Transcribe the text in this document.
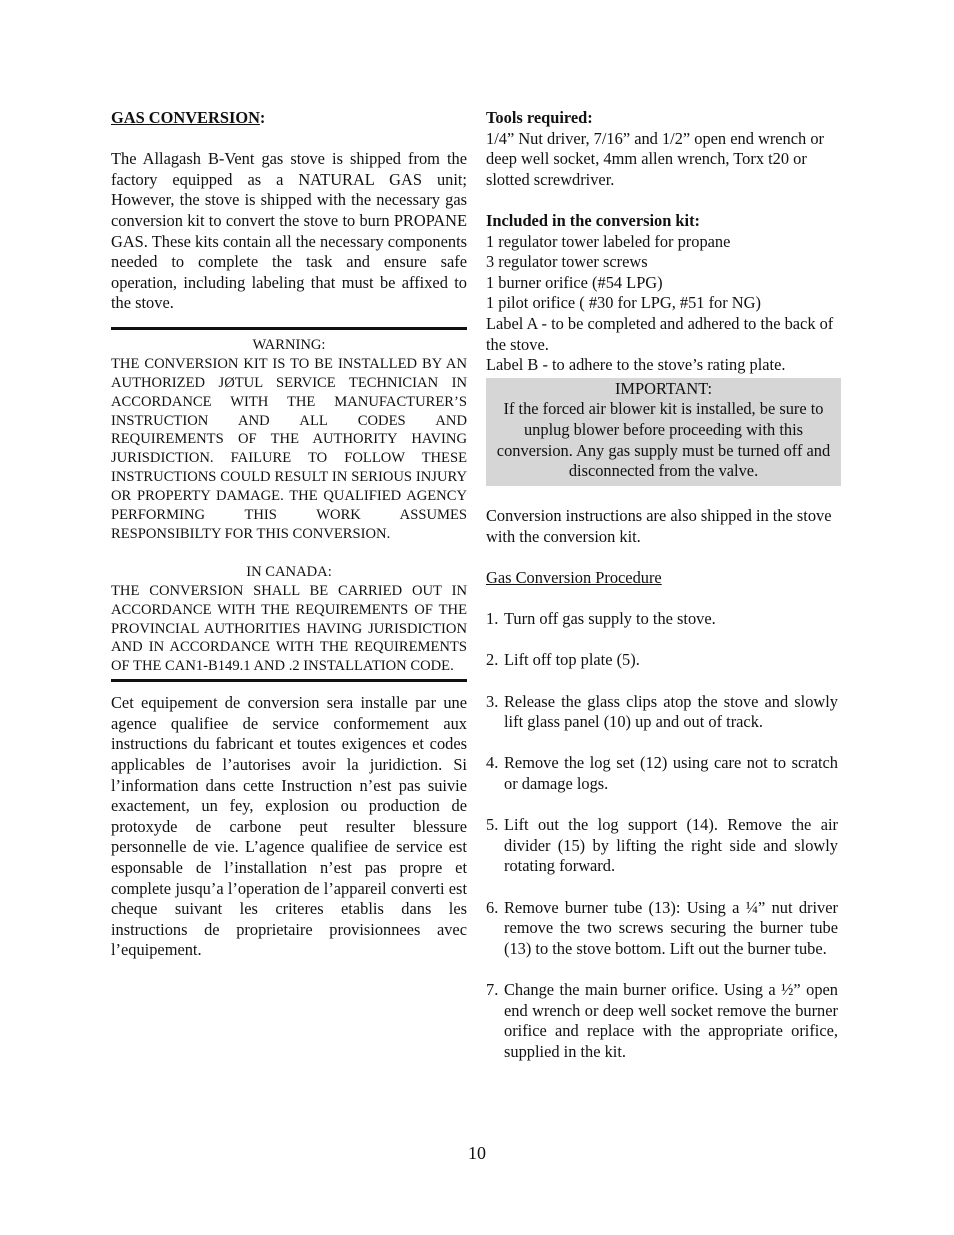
GAS CONVERSION:

The Allagash B-Vent gas stove is shipped from the factory equipped as a NATURAL GAS unit; However, the stove is shipped with the necessary gas conversion kit to convert the stove to burn PROPANE GAS. These kits contain all the necessary components needed to complete the task and ensure safe operation, including labeling that must be affixed to the stove.

WARNING:

THE CONVERSION KIT IS TO BE INSTALLED BY AN AUTHORIZED JØTUL SERVICE TECHNICIAN IN ACCORDANCE WITH THE MANUFACTURER’S INSTRUCTION AND ALL CODES AND REQUIREMENTS OF THE AUTHORITY HAVING JURISDICTION. FAILURE TO FOLLOW THESE INSTRUCTIONS COULD RESULT IN SERIOUS INJURY OR PROPERTY DAMAGE. THE QUALIFIED AGENCY PERFORMING THIS WORK ASSUMES RESPONSIBILTY FOR THIS CONVERSION.

IN CANADA:

THE CONVERSION SHALL BE CARRIED OUT IN ACCORDANCE WITH THE REQUIREMENTS OF THE PROVINCIAL AUTHORITIES HAVING JURISDICTION AND IN ACCORDANCE WITH THE REQUIREMENTS OF THE CAN1-B149.1 AND .2 INSTALLATION CODE.

Cet equipement de conversion sera installe par une agence qualifiee de service conformement aux instructions du fabricant et toutes exigences et codes applicables de l’autorises avoir la juridiction. Si l’information dans cette Instruction n’est pas suivie exactement, un fey, explosion ou production de protoxyde de carbone peut resulter blessure personnelle de vie. L’agence qualifiee de service est esponsable de l’installation n’est pas propre et complete jusqu’a l’operation de l’appareil converti est cheque suivant les criteres etablis dans les instructions de proprietaire provisionnees avec l’equipement.

Tools required:

1/4” Nut driver, 7/16” and 1/2” open end wrench or deep well socket, 4mm allen wrench, Torx t20 or slotted screwdriver.

Included in the conversion kit:

1 regulator tower labeled for propane

3 regulator tower screws

1 burner orifice (#54 LPG)

1 pilot orifice ( #30 for LPG, #51 for NG)

Label A - to be completed and adhered to the back of the stove.

Label B - to adhere to the stove’s rating plate.

IMPORTANT:

If the forced air blower kit is installed, be sure to unplug blower before proceeding with this conversion. Any gas supply must be turned off and disconnected from the valve.

Conversion instructions are also shipped in the stove with the conversion kit.

Gas Conversion Procedure

1. Turn off gas supply to the stove.
2. Lift off top plate (5).
3. Release the glass clips atop the stove and slowly lift glass panel (10) up and out of track.
4. Remove the log set (12) using care not to scratch or damage logs.
5. Lift out the log support (14). Remove the air divider (15) by lifting the right side and slowly rotating forward.
6. Remove burner tube (13): Using a ¼” nut driver remove the two screws securing the burner tube (13) to the stove bottom. Lift out the burner tube.
7. Change the main burner orifice. Using a ½” open end wrench or deep well socket remove the burner orifice and replace with the appropriate orifice, supplied in the kit.
10
